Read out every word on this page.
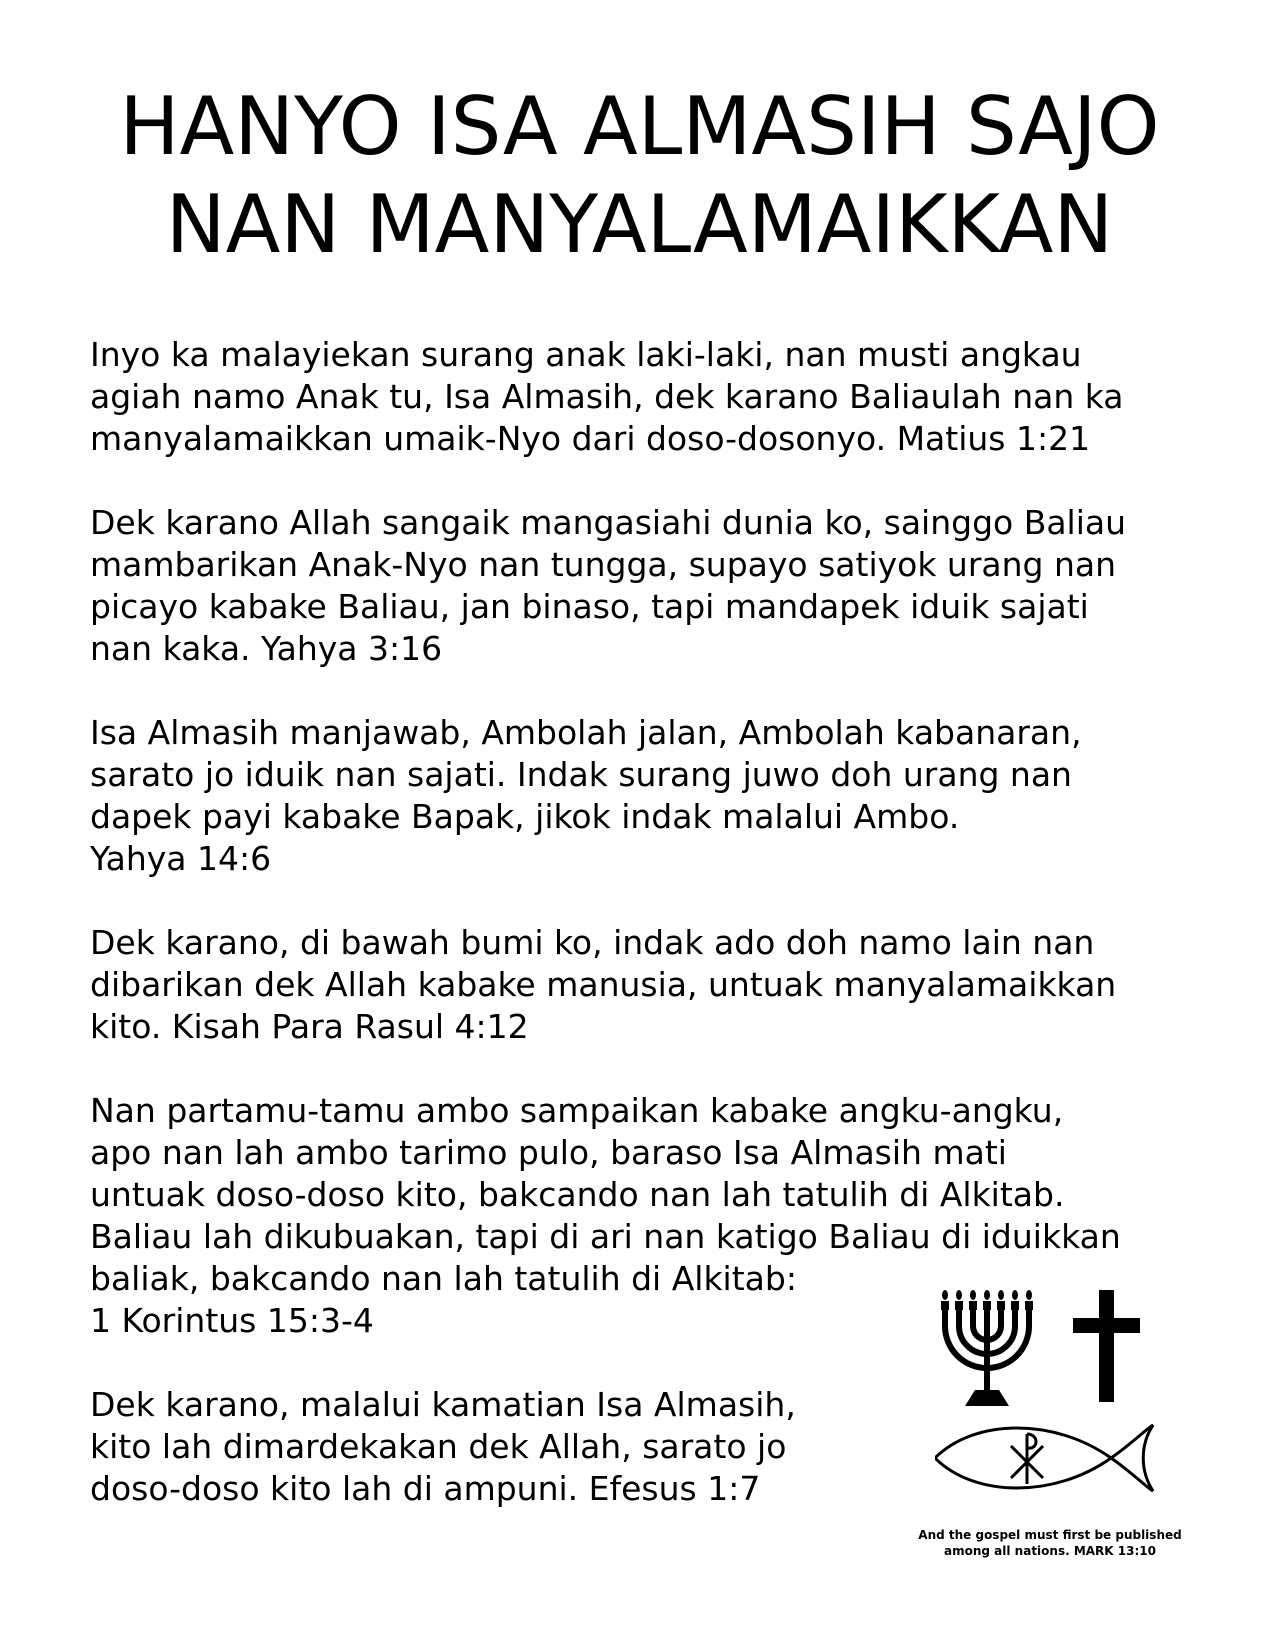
HANYO ISA ALMASIH SAJO
NAN MANYALAMAIKKAN

Inyo ka malayiekan surang anak laki-laki, nan musti angkau
agiah namo Anak tu, Isa Almasih, dek karano Baliaulah nan ka
manyalamaikkan umaik-Nyo dari doso-dosonyo. Matius 1:21

Dek karano Allah sangaik mangasiahi dunia ko, sainggo Baliau
mambarikan Anak-Nyo nan tungga, supayo satiyok urang nan
picayo kabake Baliau, jan binaso, tapi mandapek iduik sajati
nan kaka. Yahya 3:16

Isa Almasih manjawab, Ambolah jalan, Ambolah kabanaran,
sarato jo iduik nan sajati. Indak surang juwo doh urang nan
dapek payi kabake Bapak, jikok indak malalui Ambo.
Yahya 14:6

Dek karano, di bawah bumi ko, indak ado doh namo lain nan
dibarikan dek Allah kabake manusia, untuak manyalamaikkan
kito. Kisah Para Rasul 4:12

Nan partamu-tamu ambo sampaikan kabake angku-angku,
apo nan lah ambo tarimo pulo, baraso Isa Almasih mati
untuak doso-doso kito, bakcando nan lah tatulih di Alkitab.
Baliau lah dikubuakan, tapi di ari nan katigo Baliau di iduikkan
baliak, bakcando nan lah tatulih di Alkitab:
1 Korintus 15:3-4

Dek karano, malalui kamatian Isa Almasih,
kito lah dimardekakan dek Allah, sarato jo
doso-doso kito lah di ampuni. Efesus 1:7

And the gospel must first be published
among all nations. MARK 13:10
